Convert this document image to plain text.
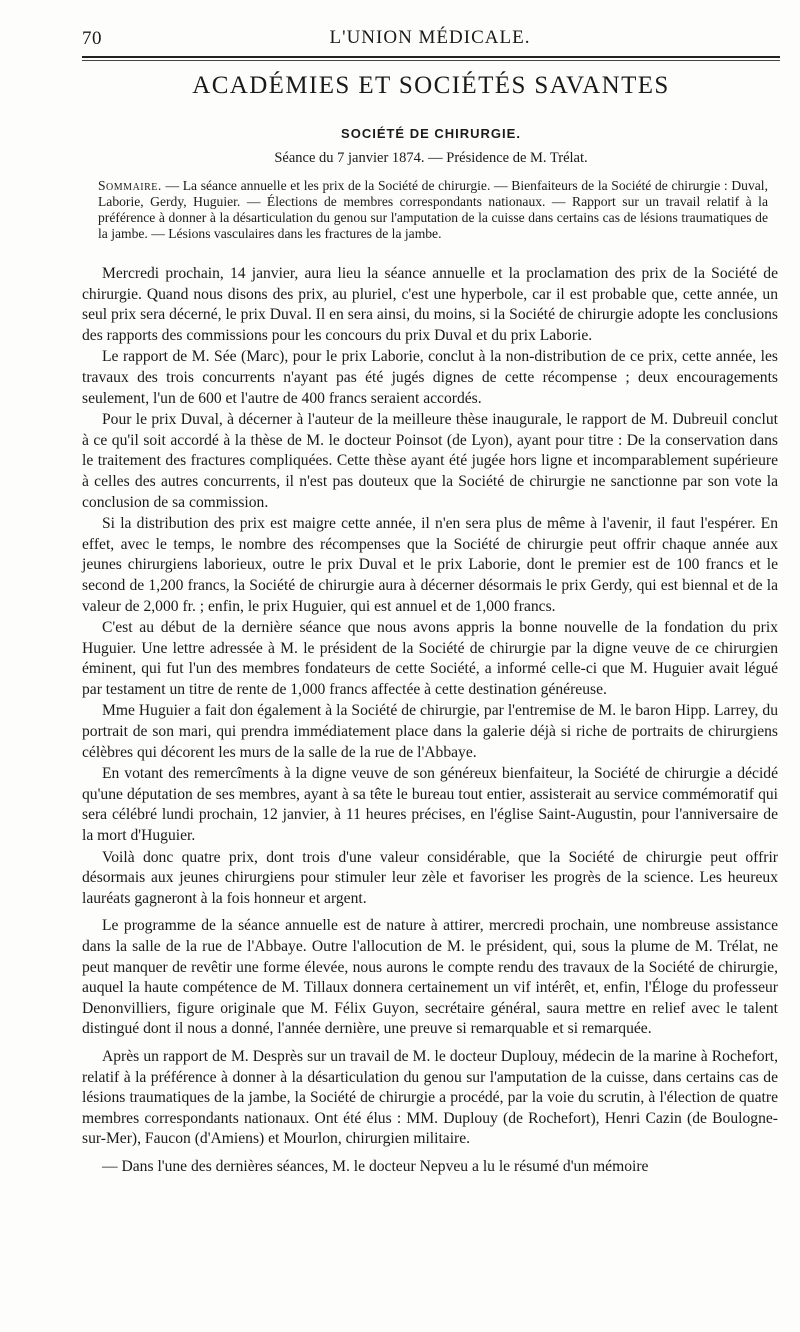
70	L'UNION MÉDICALE.
ACADÉMIES ET SOCIÉTÉS SAVANTES
SOCIÉTÉ DE CHIRURGIE.
Séance du 7 janvier 1874. — Présidence de M. Trélat.
Sommaire. — La séance annuelle et les prix de la Société de chirurgie. — Bienfaiteurs de la Société de chirurgie : Duval, Laborie, Gerdy, Huguier. — Élections de membres correspondants nationaux. — Rapport sur un travail relatif à la préférence à donner à la désarticulation du genou sur l'amputation de la cuisse dans certains cas de lésions traumatiques de la jambe. — Lésions vasculaires dans les fractures de la jambe.

Mercredi prochain, 14 janvier, aura lieu la séance annuelle et la proclamation des prix de la Société de chirurgie. Quand nous disons des prix, au pluriel, c'est une hyperbole, car il est probable que, cette année, un seul prix sera décerné, le prix Duval. Il en sera ainsi, du moins, si la Société de chirurgie adopte les conclusions des rapports des commissions pour les concours du prix Duval et du prix Laborie.

Le rapport de M. Sée (Marc), pour le prix Laborie, conclut à la non-distribution de ce prix, cette année, les travaux des trois concurrents n'ayant pas été jugés dignes de cette récompense ; deux encouragements seulement, l'un de 600 et l'autre de 400 francs seraient accordés.

Pour le prix Duval, à décerner à l'auteur de la meilleure thèse inaugurale, le rapport de M. Dubreuil conclut à ce qu'il soit accordé à la thèse de M. le docteur Poinsot (de Lyon), ayant pour titre : De la conservation dans le traitement des fractures compliquées. Cette thèse ayant été jugée hors ligne et incomparablement supérieure à celles des autres concurrents, il n'est pas douteux que la Société de chirurgie ne sanctionne par son vote la conclusion de sa commission.

Si la distribution des prix est maigre cette année, il n'en sera plus de même à l'avenir, il faut l'espérer. En effet, avec le temps, le nombre des récompenses que la Société de chirurgie peut offrir chaque année aux jeunes chirurgiens laborieux, outre le prix Duval et le prix Laborie, dont le premier est de 100 francs et le second de 1,200 francs, la Société de chirurgie aura à décerner désormais le prix Gerdy, qui est biennal et de la valeur de 2,000 fr. ; enfin, le prix Huguier, qui est annuel et de 1,000 francs.

C'est au début de la dernière séance que nous avons appris la bonne nouvelle de la fondation du prix Huguier. Une lettre adressée à M. le président de la Société de chirurgie par la digne veuve de ce chirurgien éminent, qui fut l'un des membres fondateurs de cette Société, a informé celle-ci que M. Huguier avait légué par testament un titre de rente de 1,000 francs affectée à cette destination généreuse.

Mme Huguier a fait don également à la Société de chirurgie, par l'entremise de M. le baron Hipp. Larrey, du portrait de son mari, qui prendra immédiatement place dans la galerie déjà si riche de portraits de chirurgiens célèbres qui décorent les murs de la salle de la rue de l'Abbaye.

En votant des remercîments à la digne veuve de son généreux bienfaiteur, la Société de chirurgie a décidé qu'une députation de ses membres, ayant à sa tête le bureau tout entier, assisterait au service commémoratif qui sera célébré lundi prochain, 12 janvier, à 11 heures précises, en l'église Saint-Augustin, pour l'anniversaire de la mort d'Huguier.

Voilà donc quatre prix, dont trois d'une valeur considérable, que la Société de chirurgie peut offrir désormais aux jeunes chirurgiens pour stimuler leur zèle et favoriser les progrès de la science. Les heureux lauréats gagneront à la fois honneur et argent.

Le programme de la séance annuelle est de nature à attirer, mercredi prochain, une nombreuse assistance dans la salle de la rue de l'Abbaye. Outre l'allocution de M. le président, qui, sous la plume de M. Trélat, ne peut manquer de revêtir une forme élevée, nous aurons le compte rendu des travaux de la Société de chirurgie, auquel la haute compétence de M. Tillaux donnera certainement un vif intérêt, et, enfin, l'Éloge du professeur Denonvilliers, figure originale que M. Félix Guyon, secrétaire général, saura mettre en relief avec le talent distingué dont il nous a donné, l'année dernière, une preuve si remarquable et si remarquée.

Après un rapport de M. Desprès sur un travail de M. le docteur Duplouy, médecin de la marine à Rochefort, relatif à la préférence à donner à la désarticulation du genou sur l'amputation de la cuisse, dans certains cas de lésions traumatiques de la jambe, la Société de chirurgie a procédé, par la voie du scrutin, à l'élection de quatre membres correspondants nationaux. Ont été élus : MM. Duplouy (de Rochefort), Henri Cazin (de Boulogne-sur-Mer), Faucon (d'Amiens) et Mourlon, chirurgien militaire.

— Dans l'une des dernières séances, M. le docteur Nepveu a lu le résumé d'un mémoire
